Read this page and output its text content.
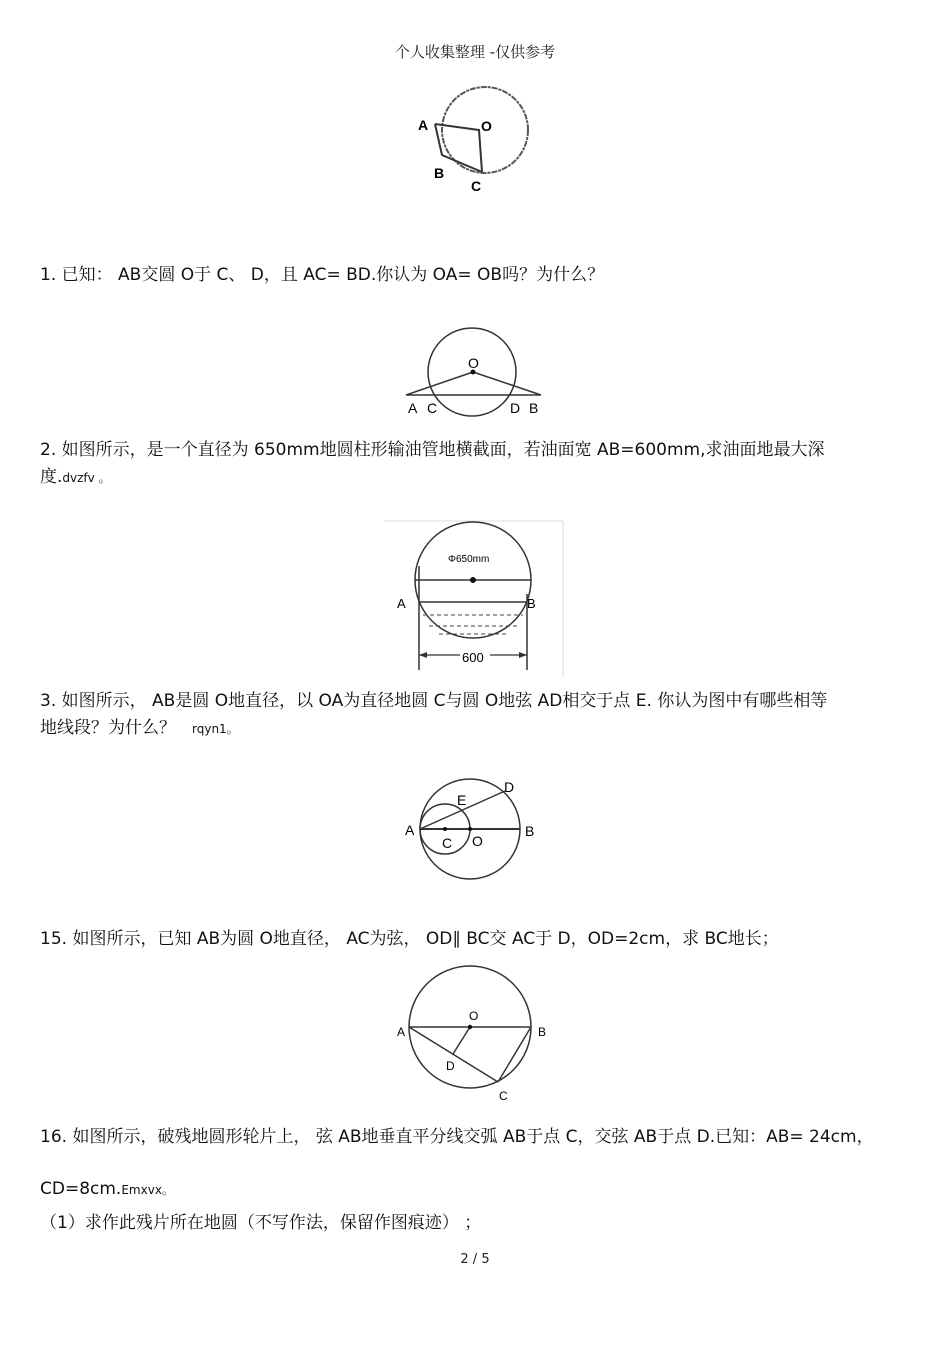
个人收集整理 -仅供参考
A	O
B
C
1. 已知： AB交圆 O于 C、 D，且 AC= BD.你认为 OA= OB吗？为什么？
O
A C	D B
2. 如图所示，是一个直径为 650mm地圆柱形输油管地横截面，若油面宽 AB=600mm,求油面地最大深
度.dvzfv 。
Φ650mm
A	B
600
3. 如图所示， AB是圆 O地直径，以 OA为直径地圆 C与圆 O地弦 AD相交于点 E. 你认为图中有哪些相等
地线段？为什么？ rqyn1。
D
E
A	B
C O
15. 如图所示，已知 AB为圆 O地直径， AC为弦， OD∥ BC交 AC于 D，OD=2cm，求 BC地长；
O
A	B
D
C
16. 如图所示，破残地圆形轮片上， 弦 AB地垂直平分线交弧 AB于点 C，交弦 AB于点 D.已知：AB= 24cm，
CD=8cm.Emxvx。
（1）求作此残片所在地圆（不写作法，保留作图痕迹） ；
2 / 5
